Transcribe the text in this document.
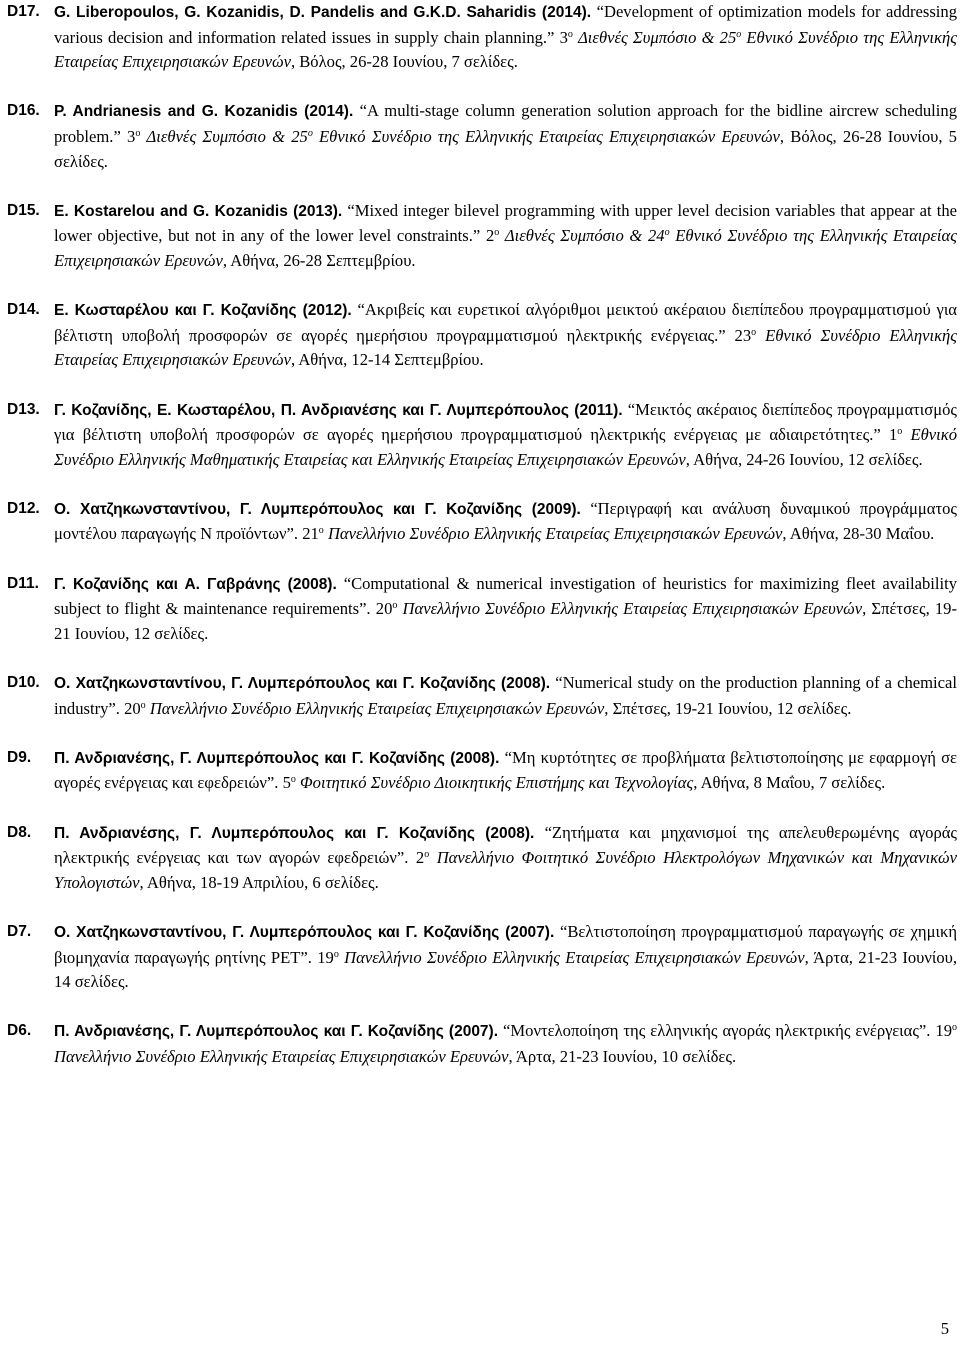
D17. G. Liberopoulos, G. Kozanidis, D. Pandelis and G.K.D. Saharidis (2014). “Development of optimization models for addressing various decision and information related issues in supply chain planning.” $3^o$ Διεθνές Συμπόσιο & $25^o$ Εθνικό Συνέδριο της Ελληνικής Εταιρείας Επιχειρησιακών Ερευνών, Βόλος, 26-28 Ιουνίου, 7 σελίδες.
D16. P. Andrianesis and G. Kozanidis (2014). “A multi-stage column generation solution approach for the bidline aircrew scheduling problem.” $3^o$ Διεθνές Συμπόσιο & $25^o$ Εθνικό Συνέδριο της Ελληνικής Εταιρείας Επιχειρησιακών Ερευνών, Βόλος, 26-28 Ιουνίου, 5 σελίδες.
D15. E. Kostarelou and G. Kozanidis (2013). “Mixed integer bilevel programming with upper level decision variables that appear at the lower objective, but not in any of the lower level constraints.” $2^o$ Διεθνές Συμπόσιο & $24^o$ Εθνικό Συνέδριο της Ελληνικής Εταιρείας Επιχειρησιακών Ερευνών, Αθήνα, 26-28 Σεπτεμβρίου.
D14. Ε. Κωσταρέλου και Γ. Κοζανίδης (2012). “Ακριβείς και ευρετικοί αλγόριθμοι μεικτού ακέραιου διεπίπεδου προγραμματισμού για βέλτιστη υποβολή προσφορών σε αγορές ημερήσιου προγραμματισμού ηλεκτρικής ενέργειας.” $23^o$ Εθνικό Συνέδριο Ελληνικής Εταιρείας Επιχειρησιακών Ερευνών, Αθήνα, 12-14 Σεπτεμβρίου.
D13. Γ. Κοζανίδης, Ε. Κωσταρέλου, Π. Ανδριανέσης και Γ. Λυμπερόπουλος (2011). “Μεικτός ακέραιος διεπίπεδος προγραμματισμός για βέλτιστη υποβολή προσφορών σε αγορές ημερήσιου προγραμματισμού ηλεκτρικής ενέργειας με αδιαιρετότητες.” $1^o$ Εθνικό Συνέδριο Ελληνικής Μαθηματικής Εταιρείας και Ελληνικής Εταιρείας Επιχειρησιακών Ερευνών, Αθήνα, 24-26 Ιουνίου, 12 σελίδες.
D12. Ο. Χατζηκωνσταντίνου, Γ. Λυμπερόπουλος και Γ. Κοζανίδης (2009). “Περιγραφή και ανάλυση δυναμικού προγράμματος μοντέλου παραγωγής Ν προϊόντων”. $21^o$ Πανελλήνιο Συνέδριο Ελληνικής Εταιρείας Επιχειρησιακών Ερευνών, Αθήνα, 28-30 Μαΐου.
D11. Γ. Κοζανίδης και Α. Γαβράνης (2008). “Computational & numerical investigation of heuristics for maximizing fleet availability subject to flight & maintenance requirements”. $20^o$ Πανελλήνιο Συνέδριο Ελληνικής Εταιρείας Επιχειρησιακών Ερευνών, Σπέτσες, 19-21 Ιουνίου, 12 σελίδες.
D10. Ο. Χατζηκωνσταντίνου, Γ. Λυμπερόπουλος και Γ. Κοζανίδης (2008). “Numerical study on the production planning of a chemical industry”. $20^o$ Πανελλήνιο Συνέδριο Ελληνικής Εταιρείας Επιχειρησιακών Ερευνών, Σπέτσες, 19-21 Ιουνίου, 12 σελίδες.
D9. Π. Ανδριανέσης, Γ. Λυμπερόπουλος και Γ. Κοζανίδης (2008). “Μη κυρτότητες σε προβλήματα βελτιστοποίησης με εφαρμογή σε αγορές ενέργειας και εφεδρειών”. $5^o$ Φοιτητικό Συνέδριο Διοικητικής Επιστήμης και Τεχνολογίας, Αθήνα, 8 Μαΐου, 7 σελίδες.
D8. Π. Ανδριανέσης, Γ. Λυμπερόπουλος και Γ. Κοζανίδης (2008). “Ζητήματα και μηχανισμοί της απελευθερωμένης αγοράς ηλεκτρικής ενέργειας και των αγορών εφεδρειών”. $2^o$ Πανελλήνιο Φοιτητικό Συνέδριο Ηλεκτρολόγων Μηχανικών και Μηχανικών Υπολογιστών, Αθήνα, 18-19 Απριλίου, 6 σελίδες.
D7. Ο. Χατζηκωνσταντίνου, Γ. Λυμπερόπουλος και Γ. Κοζανίδης (2007). “Βελτιστοποίηση προγραμματισμού παραγωγής σε χημική βιομηχανία παραγωγής ρητίνης PET”. $19^o$ Πανελλήνιο Συνέδριο Ελληνικής Εταιρείας Επιχειρησιακών Ερευνών, Άρτα, 21-23 Ιουνίου, 14 σελίδες.
D6. Π. Ανδριανέσης, Γ. Λυμπερόπουλος και Γ. Κοζανίδης (2007). “Μοντελοποίηση της ελληνικής αγοράς ηλεκτρικής ενέργειας”. $19^o$ Πανελλήνιο Συνέδριο Ελληνικής Εταιρείας Επιχειρησιακών Ερευνών, Άρτα, 21-23 Ιουνίου, 10 σελίδες.
5
